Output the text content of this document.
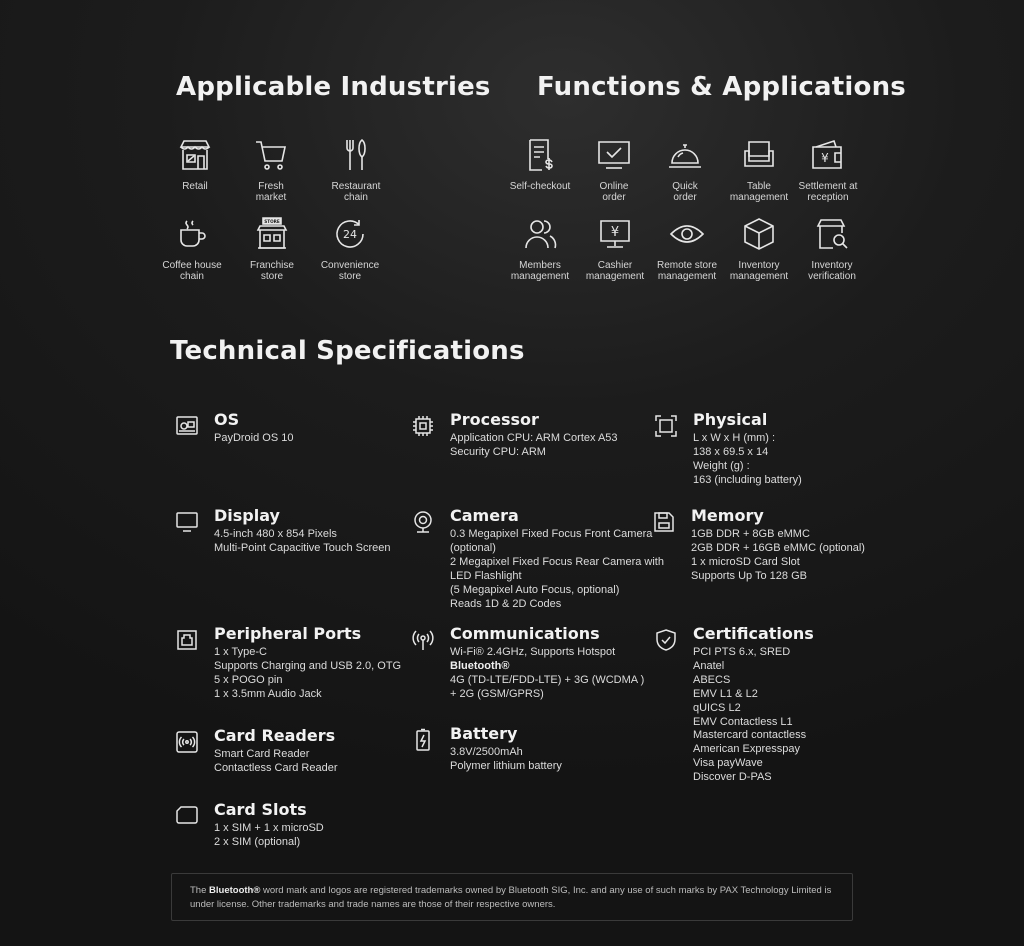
Applicable Industries Functions & Applications
Technical Specifications
Retail	Fresh
market
Restaurant
chain
Coffee house
chain
STORE
Franchise
store
24
Convenience
store
Self-checkout	Online
order
Quick
order
Table
management
¥
Settlement at
reception
Members
management
¥
Cashier
management
Remote store
management
Inventory
management
Inventory
verification
OS
PayDroid OS 10
Processor
Application CPU: ARM Cortex A53
Security CPU: ARM
Physical
L x W x H (mm) :
138 x 69.5 x 14
Weight (g) :
163 (including battery)
Display
4.5-inch 480 x 854 Pixels
Multi-Point Capacitive Touch Screen
Camera
0.3 Megapixel Fixed Focus Front Camera
(optional)
2 Megapixel Fixed Focus Rear Camera with
LED Flashlight
(5 Megapixel Auto Focus, optional)
Reads 1D & 2D Codes
Memory
1GB DDR + 8GB eMMC
2GB DDR + 16GB eMMC (optional)
1 x microSD Card Slot
Supports Up To 128 GB
Peripheral Ports
1 x Type-C
Supports Charging and USB 2.0, OTG
5 x POGO pin
1 x 3.5mm Audio Jack
Communications
Wi-Fi® 2.4GHz, Supports Hotspot
Bluetooth®
4G (TD-LTE/FDD-LTE) + 3G (WCDMA )
+ 2G (GSM/GPRS)
Certifications
PCI PTS 6.x, SRED
Anatel
ABECS
EMV L1 & L2
qUICS L2
EMV Contactless L1
Mastercard contactless
American Expresspay
Visa payWave
Discover D-PAS
Card Readers
Smart Card Reader
Contactless Card Reader
Battery
3.8V/2500mAh
Polymer lithium battery
Card Slots
1 x SIM + 1 x microSD
2 x SIM (optional)
The Bluetooth® word mark and logos are registered trademarks owned by Bluetooth SIG, Inc. and any use of such marks by PAX Technology Limited is under license. Other trademarks and trade names are those of their respective owners.
